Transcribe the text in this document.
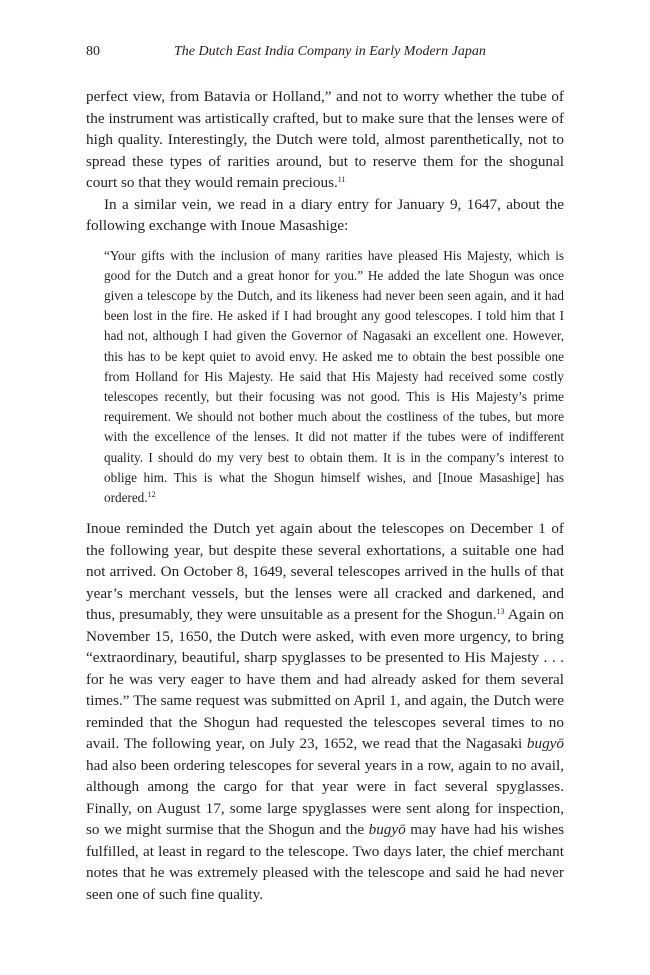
80	The Dutch East India Company in Early Modern Japan

perfect view, from Batavia or Holland,” and not to worry whether the tube of the instrument was artistically crafted, but to make sure that the lenses were of high quality. Interestingly, the Dutch were told, almost parenthetically, not to spread these types of rarities around, but to reserve them for the shogunal court so that they would remain precious.$^{11}$

In a similar vein, we read in a diary entry for January 9, 1647, about the following exchange with Inoue Masashige:

“Your gifts with the inclusion of many rarities have pleased His Majesty, which is good for the Dutch and a great honor for you.” He added the late Shogun was once given a telescope by the Dutch, and its likeness had never been seen again, and it had been lost in the fire. He asked if I had brought any good telescopes. I told him that I had not, although I had given the Governor of Nagasaki an excellent one. However, this has to be kept quiet to avoid envy. He asked me to obtain the best possible one from Holland for His Majesty. He said that His Majesty had received some costly telescopes recently, but their focusing was not good. This is His Majesty’s prime requirement. We should not bother much about the costliness of the tubes, but more with the excellence of the lenses. It did not matter if the tubes were of indifferent quality. I should do my very best to obtain them. It is in the company’s interest to oblige him. This is what the Shogun himself wishes, and [Inoue Masashige] has ordered.$^{12}$

Inoue reminded the Dutch yet again about the telescopes on December 1 of the following year, but despite these several exhortations, a suitable one had not arrived. On October 8, 1649, several telescopes arrived in the hulls of that year’s merchant vessels, but the lenses were all cracked and darkened, and thus, presumably, they were unsuitable as a present for the Shogun.$^{13}$ Again on November 15, 1650, the Dutch were asked, with even more urgency, to bring “extraordinary, beautiful, sharp spyglasses to be presented to His Majesty . . . for he was very eager to have them and had already asked for them several times.” The same request was submitted on April 1, and again, the Dutch were reminded that the Shogun had requested the telescopes several times to no avail. The following year, on July 23, 1652, we read that the Nagasaki bugyō had also been ordering telescopes for several years in a row, again to no avail, although among the cargo for that year were in fact several spyglasses. Finally, on August 17, some large spyglasses were sent along for inspection, so we might surmise that the Shogun and the bugyō may have had his wishes fulfilled, at least in regard to the telescope. Two days later, the chief merchant notes that he was extremely pleased with the telescope and said he had never seen one of such fine quality.
